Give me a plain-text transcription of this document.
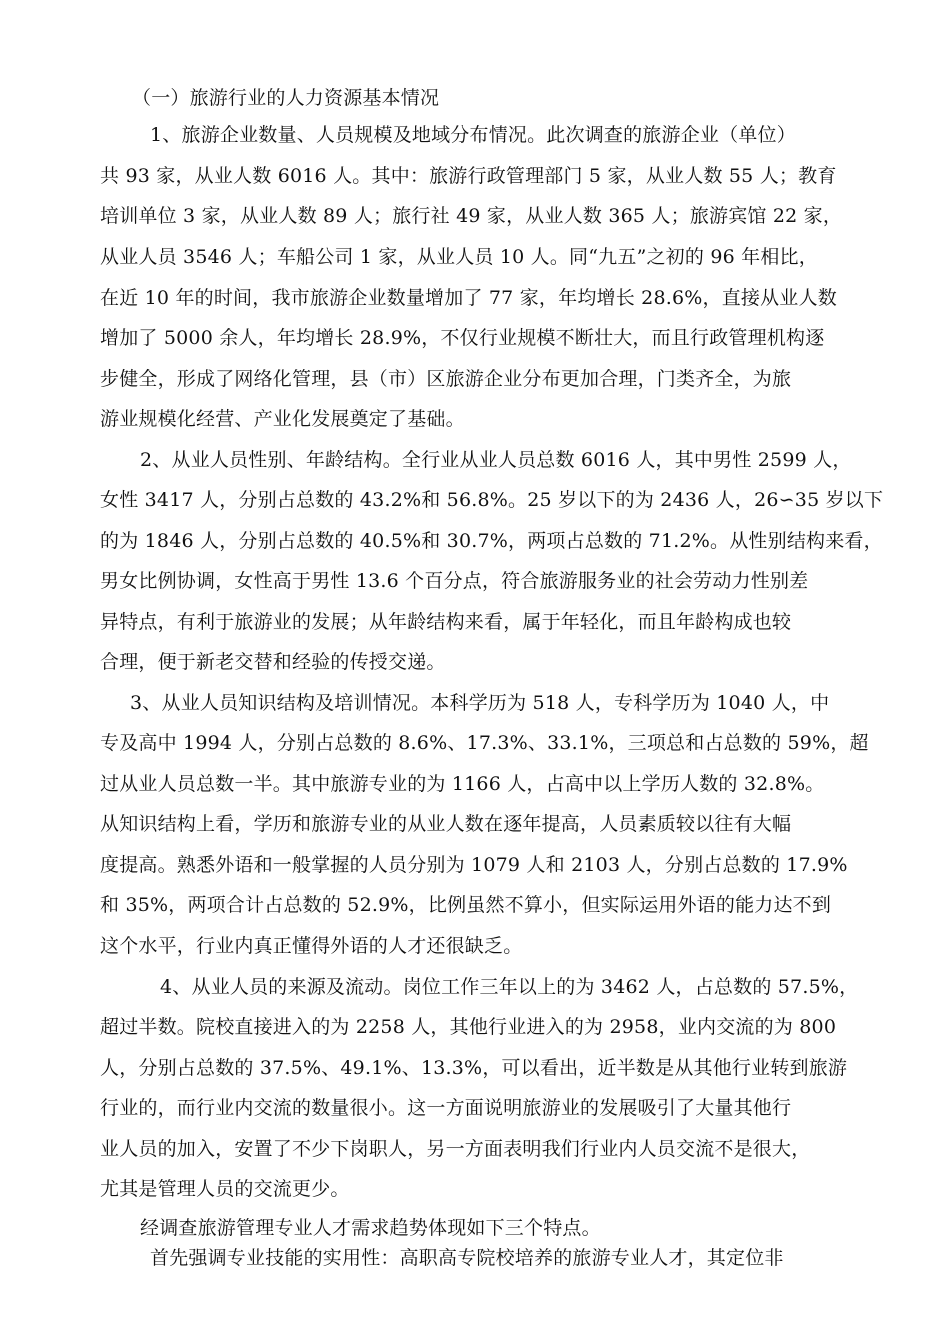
（一）旅游行业的人力资源基本情况
1、旅游企业数量、人员规模及地域分布情况。此次调查的旅游企业（单位）
共 93 家，从业人数 6016 人。其中：旅游行政管理部门 5 家，从业人数 55 人；教育
培训单位 3 家，从业人数 89 人；旅行社 49 家，从业人数 365 人；旅游宾馆 22 家，
从业人员 3546 人；车船公司 1 家，从业人员 10 人。同“九五”之初的 96 年相比，
在近 10 年的时间，我市旅游企业数量增加了 77 家，年均增长 28.6%，直接从业人数
增加了 5000 余人，年均增长 28.9%，不仅行业规模不断壮大，而且行政管理机构逐
步健全，形成了网络化管理，县（市）区旅游企业分布更加合理，门类齐全，为旅
游业规模化经营、产业化发展奠定了基础。
2、从业人员性别、年龄结构。全行业从业人员总数 6016 人，其中男性 2599 人，
女性 3417 人，分别占总数的 43.2%和 56.8%。25 岁以下的为 2436 人，26∽35 岁以下
的为 1846 人，分别占总数的 40.5%和 30.7%，两项占总数的 71.2%。从性别结构来看，
男女比例协调，女性高于男性 13.6 个百分点，符合旅游服务业的社会劳动力性别差
异特点，有利于旅游业的发展；从年龄结构来看，属于年轻化，而且年龄构成也较
合理，便于新老交替和经验的传授交递。
3、从业人员知识结构及培训情况。本科学历为 518 人，专科学历为 1040 人，中
专及高中 1994 人，分别占总数的 8.6%、17.3%、33.1%，三项总和占总数的 59%，超
过从业人员总数一半。其中旅游专业的为 1166 人，占高中以上学历人数的 32.8%。
从知识结构上看，学历和旅游专业的从业人数在逐年提高，人员素质较以往有大幅
度提高。熟悉外语和一般掌握的人员分别为 1079 人和 2103 人，分别占总数的 17.9%
和 35%，两项合计占总数的 52.9%，比例虽然不算小，但实际运用外语的能力达不到
这个水平，行业内真正懂得外语的人才还很缺乏。
4、从业人员的来源及流动。岗位工作三年以上的为 3462 人，占总数的 57.5%，
超过半数。院校直接进入的为 2258 人，其他行业进入的为 2958，业内交流的为 800
人，分别占总数的 37.5%、49.1%、13.3%，可以看出，近半数是从其他行业转到旅游
行业的，而行业内交流的数量很小。这一方面说明旅游业的发展吸引了大量其他行
业人员的加入，安置了不少下岗职人，另一方面表明我们行业内人员交流不是很大，
尤其是管理人员的交流更少。
经调查旅游管理专业人才需求趋势体现如下三个特点。
首先强调专业技能的实用性：高职高专院校培养的旅游专业人才，其定位非
